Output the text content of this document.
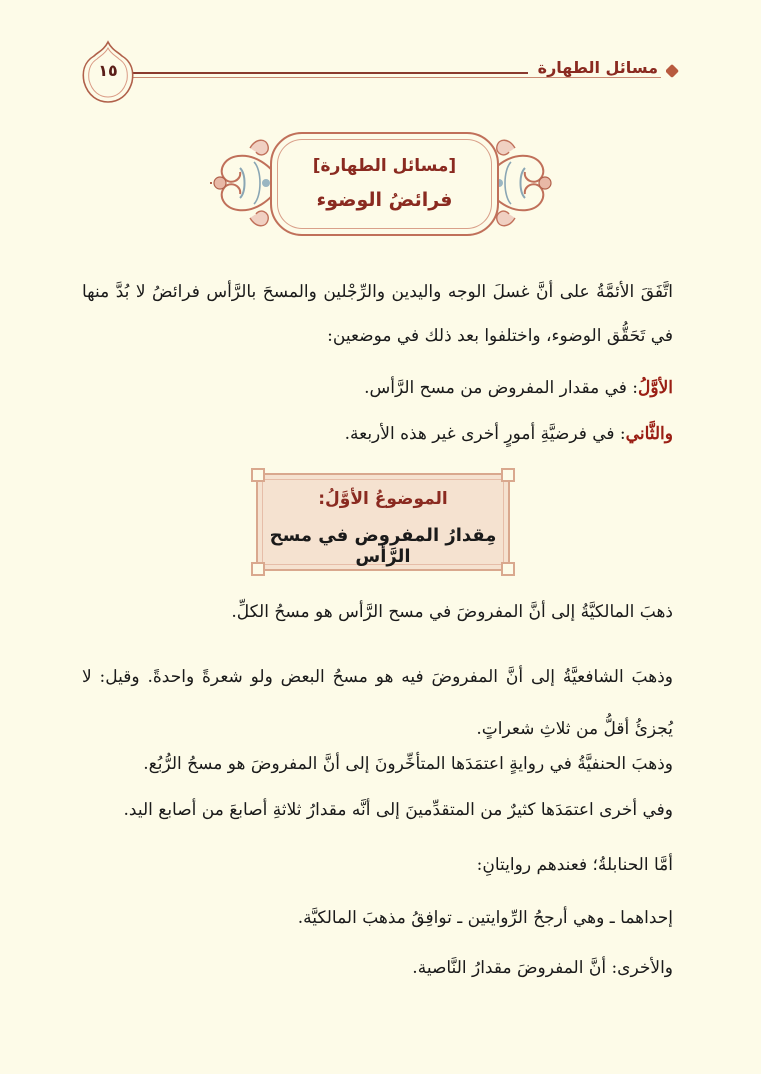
مسائل الطهارة
١٥
[مسائل الطهارة]
فرائضُ الوضوء
اتَّفَقَ الأئمَّةُ على أنَّ غسلَ الوجه واليدين والرِّجْلين والمسحَ بالرَّأس فرائضُ لا بُدَّ منها في تَحَقُّق الوضوء، واختلفوا بعد ذلك في موضعين:
الأوَّلُ: في مقدار المفروض من مسح الرَّأس.
والثَّاني: في فرضيَّةِ أمورٍ أخرى غير هذه الأربعة.
الموضوعُ الأوَّلُ:
مِقدارُ المفروض في مسح الرَّأس
ذهبَ المالكيَّةُ إلى أنَّ المفروضَ في مسح الرَّأس هو مسحُ الكلِّ.
وذهبَ الشافعيَّةُ إلى أنَّ المفروضَ فيه هو مسحُ البعض ولو شعرةً واحدةً. وقيل: لا يُجزئُ أقلُّ من ثلاثِ شعراتٍ.
وذهبَ الحنفيَّةُ في روايةٍ اعتمَدَها المتأخِّرونَ إلى أنَّ المفروضَ هو مسحُ الرُّبُع.
وفي أخرى اعتمَدَها كثيرٌ من المتقدِّمينَ إلى أنَّه مقدارُ ثلاثةِ أصابعَ من أصابع اليد.
أمَّا الحنابلةُ؛ فعندهم روايتانِ:
إحداهما ـ وهي أرجحُ الرِّوايتين ـ توافِقُ مذهبَ المالكيَّة.
والأخرى: أنَّ المفروضَ مقدارُ النَّاصية.
